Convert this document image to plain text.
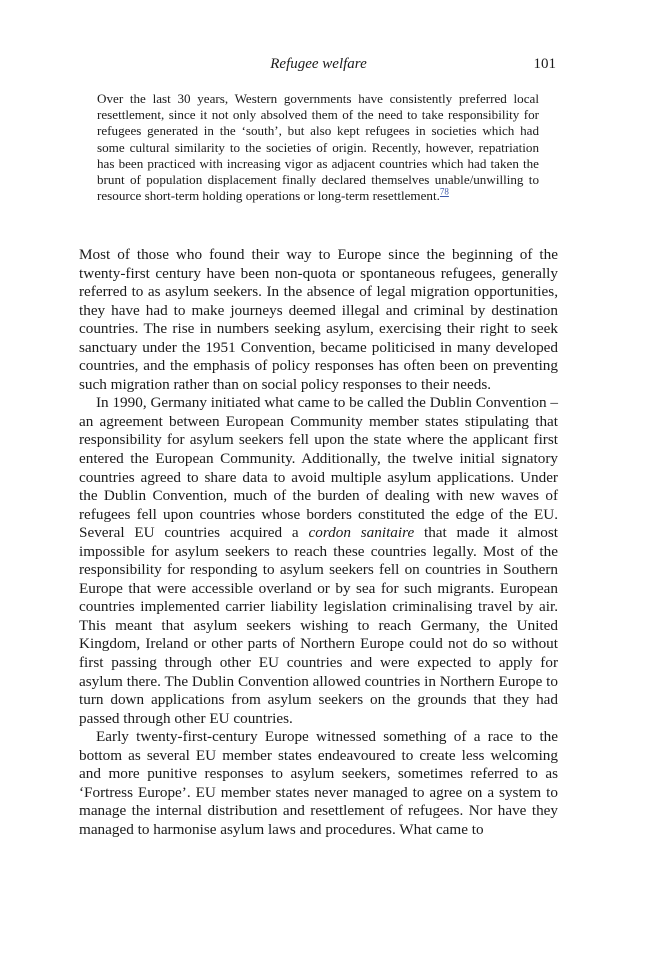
Refugee welfare	101

Over the last 30 years, Western governments have consistently preferred local resettlement, since it not only absolved them of the need to take responsibility for refugees generated in the ‘south’, but also kept refugees in societies which had some cultural similarity to the societies of origin. Recently, however, repatriation has been practiced with increasing vigor as adjacent countries which had taken the brunt of population displacement finally declared themselves unable/unwilling to resource short-term holding operations or long-term resettlement.$^{78}$

Most of those who found their way to Europe since the beginning of the twenty-first century have been non-quota or spontaneous refugees, generally referred to as asylum seekers. In the absence of legal migration opportunities, they have had to make journeys deemed illegal and criminal by destination countries. The rise in numbers seeking asylum, exercising their right to seek sanctuary under the 1951 Convention, became politicised in many developed countries, and the emphasis of policy responses has often been on preventing such migration rather than on social policy responses to their needs.

In 1990, Germany initiated what came to be called the Dublin Convention – an agreement between European Community member states stipulating that responsibility for asylum seekers fell upon the state where the applicant first entered the European Community. Additionally, the twelve initial signatory countries agreed to share data to avoid multiple asylum applications. Under the Dublin Convention, much of the burden of dealing with new waves of refugees fell upon countries whose borders constituted the edge of the EU. Several EU countries acquired a cordon sanitaire that made it almost impossible for asylum seekers to reach these countries legally. Most of the responsibility for responding to asylum seekers fell on countries in Southern Europe that were accessible overland or by sea for such migrants. European countries implemented carrier liability legislation criminalising travel by air. This meant that asylum seekers wishing to reach Germany, the United Kingdom, Ireland or other parts of Northern Europe could not do so without first passing through other EU countries and were expected to apply for asylum there. The Dublin Convention allowed countries in Northern Europe to turn down applications from asylum seekers on the grounds that they had passed through other EU countries.

Early twenty-first-century Europe witnessed something of a race to the bottom as several EU member states endeavoured to create less welcoming and more punitive responses to asylum seekers, sometimes referred to as ‘Fortress Europe’. EU member states never managed to agree on a system to manage the internal distribution and resettlement of refugees. Nor have they managed to harmonise asylum laws and procedures. What came to
